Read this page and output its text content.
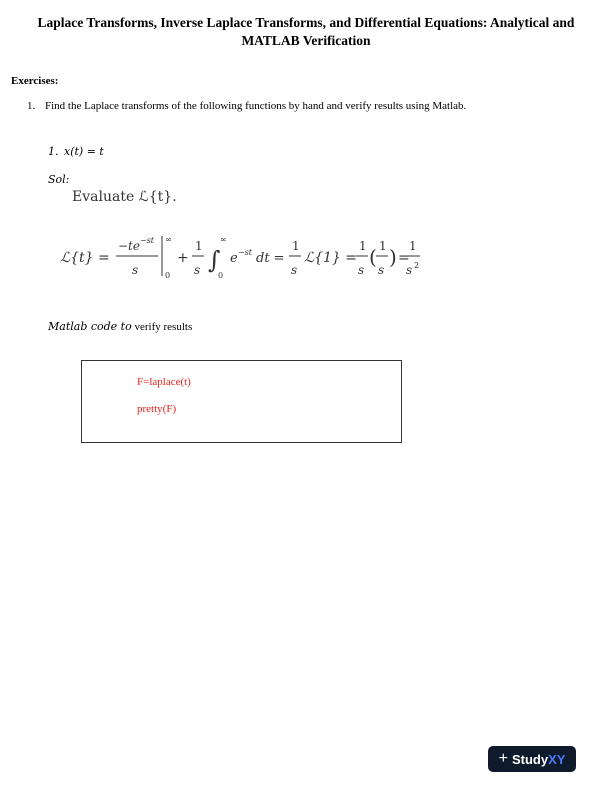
Laplace Transforms, Inverse Laplace Transforms, and Differential Equations: Analytical and MATLAB Verification
Exercises:
1. Find the Laplace transforms of the following functions by hand and verify results using Matlab.
1. x(t) = t
Sol:
Evaluate ℒ{t}.
ℒ{t} =
−te −st
s
∞
0
+
1
s ∫
∞
0
e −st dt =
1
s
ℒ{1} =
1
s
( 1
s
) =
1
s 2
Matlab code to verify results
F=laplace(t)
pretty(F)
+ Study XY
